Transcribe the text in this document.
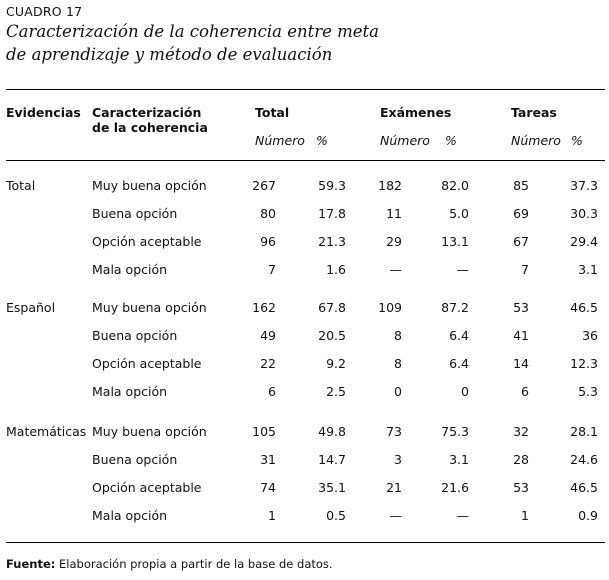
CUADRO 17
Caracterización de la coherencia entre meta
de aprendizaje y método de evaluación
Evidencias Caracterización
de la coherencia
Total	Exámenes	Tareas
Número %	Número %	Número %
Total	Muy buena opción	267	59.3	182	82.0	85	37.3
Buena opción	80	17.8	11	5.0	69	30.3
Opción aceptable	96	21.3	29	13.1	67	29.4
Mala opción	7	1.6	—	—	7	3.1
Español	Muy buena opción	162	67.8	109	87.2	53	46.5
Buena opción	49	20.5	8	6.4	41	36
Opción aceptable	22	9.2	8	6.4	14	12.3
Mala opción	6	2.5	0	0	6	5.3
Matemáticas Muy buena opción	105	49.8	73	75.3	32	28.1
Buena opción	31	14.7	3	3.1	28	24.6
Opción aceptable	74	35.1	21	21.6	53	46.5
Mala opción	1	0.5	—	—	1	0.9
Fuente: Elaboración propia a partir de la base de datos.
